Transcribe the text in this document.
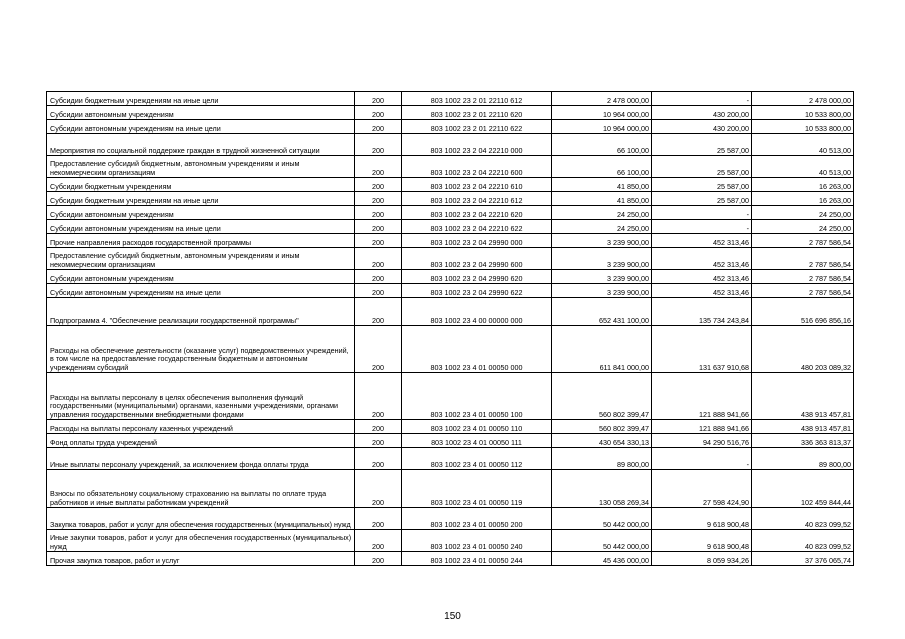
Субсидии бюджетным учреждениям на иные цели	200	803 1002 23 2 01 22110 612	2 478 000,00	-	2 478 000,00
Субсидии автономным учреждениям	200	803 1002 23 2 01 22110 620	10 964 000,00	430 200,00	10 533 800,00
Субсидии автономным учреждениям на иные цели	200	803 1002 23 2 01 22110 622	10 964 000,00	430 200,00	10 533 800,00
Мероприятия по социальной поддержке граждан в трудной жизненной ситуации	200	803 1002 23 2 04 22210 000	66 100,00	25 587,00	40 513,00
Предоставление субсидий бюджетным, автономным учреждениям и иным некоммерческим организациям	200	803 1002 23 2 04 22210 600	66 100,00	25 587,00	40 513,00
Субсидии бюджетным учреждениям	200	803 1002 23 2 04 22210 610	41 850,00	25 587,00	16 263,00
Субсидии бюджетным учреждениям на иные цели	200	803 1002 23 2 04 22210 612	41 850,00	25 587,00	16 263,00
Субсидии автономным учреждениям	200	803 1002 23 2 04 22210 620	24 250,00	-	24 250,00
Субсидии автономным учреждениям на иные цели	200	803 1002 23 2 04 22210 622	24 250,00	-	24 250,00
Прочие направления расходов государственной программы	200	803 1002 23 2 04 29990 000	3 239 900,00	452 313,46	2 787 586,54
Предоставление субсидий бюджетным, автономным учреждениям и иным некоммерческим организациям	200	803 1002 23 2 04 29990 600	3 239 900,00	452 313,46	2 787 586,54
Субсидии автономным учреждениям	200	803 1002 23 2 04 29990 620	3 239 900,00	452 313,46	2 787 586,54
Субсидии автономным учреждениям на иные цели	200	803 1002 23 2 04 29990 622	3 239 900,00	452 313,46	2 787 586,54
Подпрограмма 4. "Обеспечение реализации государственной программы"	200	803 1002 23 4 00 00000 000	652 431 100,00	135 734 243,84	516 696 856,16
Расходы на обеспечение деятельности (оказание услуг) подведомственных учреждений, в том числе на предоставление государственным бюджетным и автономным учреждениям субсидий	200	803 1002 23 4 01 00050 000	611 841 000,00	131 637 910,68	480 203 089,32
Расходы на выплаты персоналу в целях обеспечения выполнения функций государственными (муниципальными) органами, казенными учреждениями, органами управления государственными внебюджетными фондами	200	803 1002 23 4 01 00050 100	560 802 399,47	121 888 941,66	438 913 457,81
Расходы на выплаты персоналу казенных учреждений	200	803 1002 23 4 01 00050 110	560 802 399,47	121 888 941,66	438 913 457,81
Фонд оплаты труда учреждений	200	803 1002 23 4 01 00050 111	430 654 330,13	94 290 516,76	336 363 813,37
Иные выплаты персоналу учреждений, за исключением фонда оплаты труда	200	803 1002 23 4 01 00050 112	89 800,00	-	89 800,00
Взносы по обязательному социальному страхованию на выплаты по оплате труда работников и иные выплаты работникам учреждений	200	803 1002 23 4 01 00050 119	130 058 269,34	27 598 424,90	102 459 844,44
Закупка товаров, работ и услуг для обеспечения государственных (муниципальных) нужд	200	803 1002 23 4 01 00050 200	50 442 000,00	9 618 900,48	40 823 099,52
Иные закупки товаров, работ и услуг для обеспечения государственных (муниципальных) нужд	200	803 1002 23 4 01 00050 240	50 442 000,00	9 618 900,48	40 823 099,52
Прочая закупка товаров, работ и услуг	200	803 1002 23 4 01 00050 244	45 436 000,00	8 059 934,26	37 376 065,74
150
